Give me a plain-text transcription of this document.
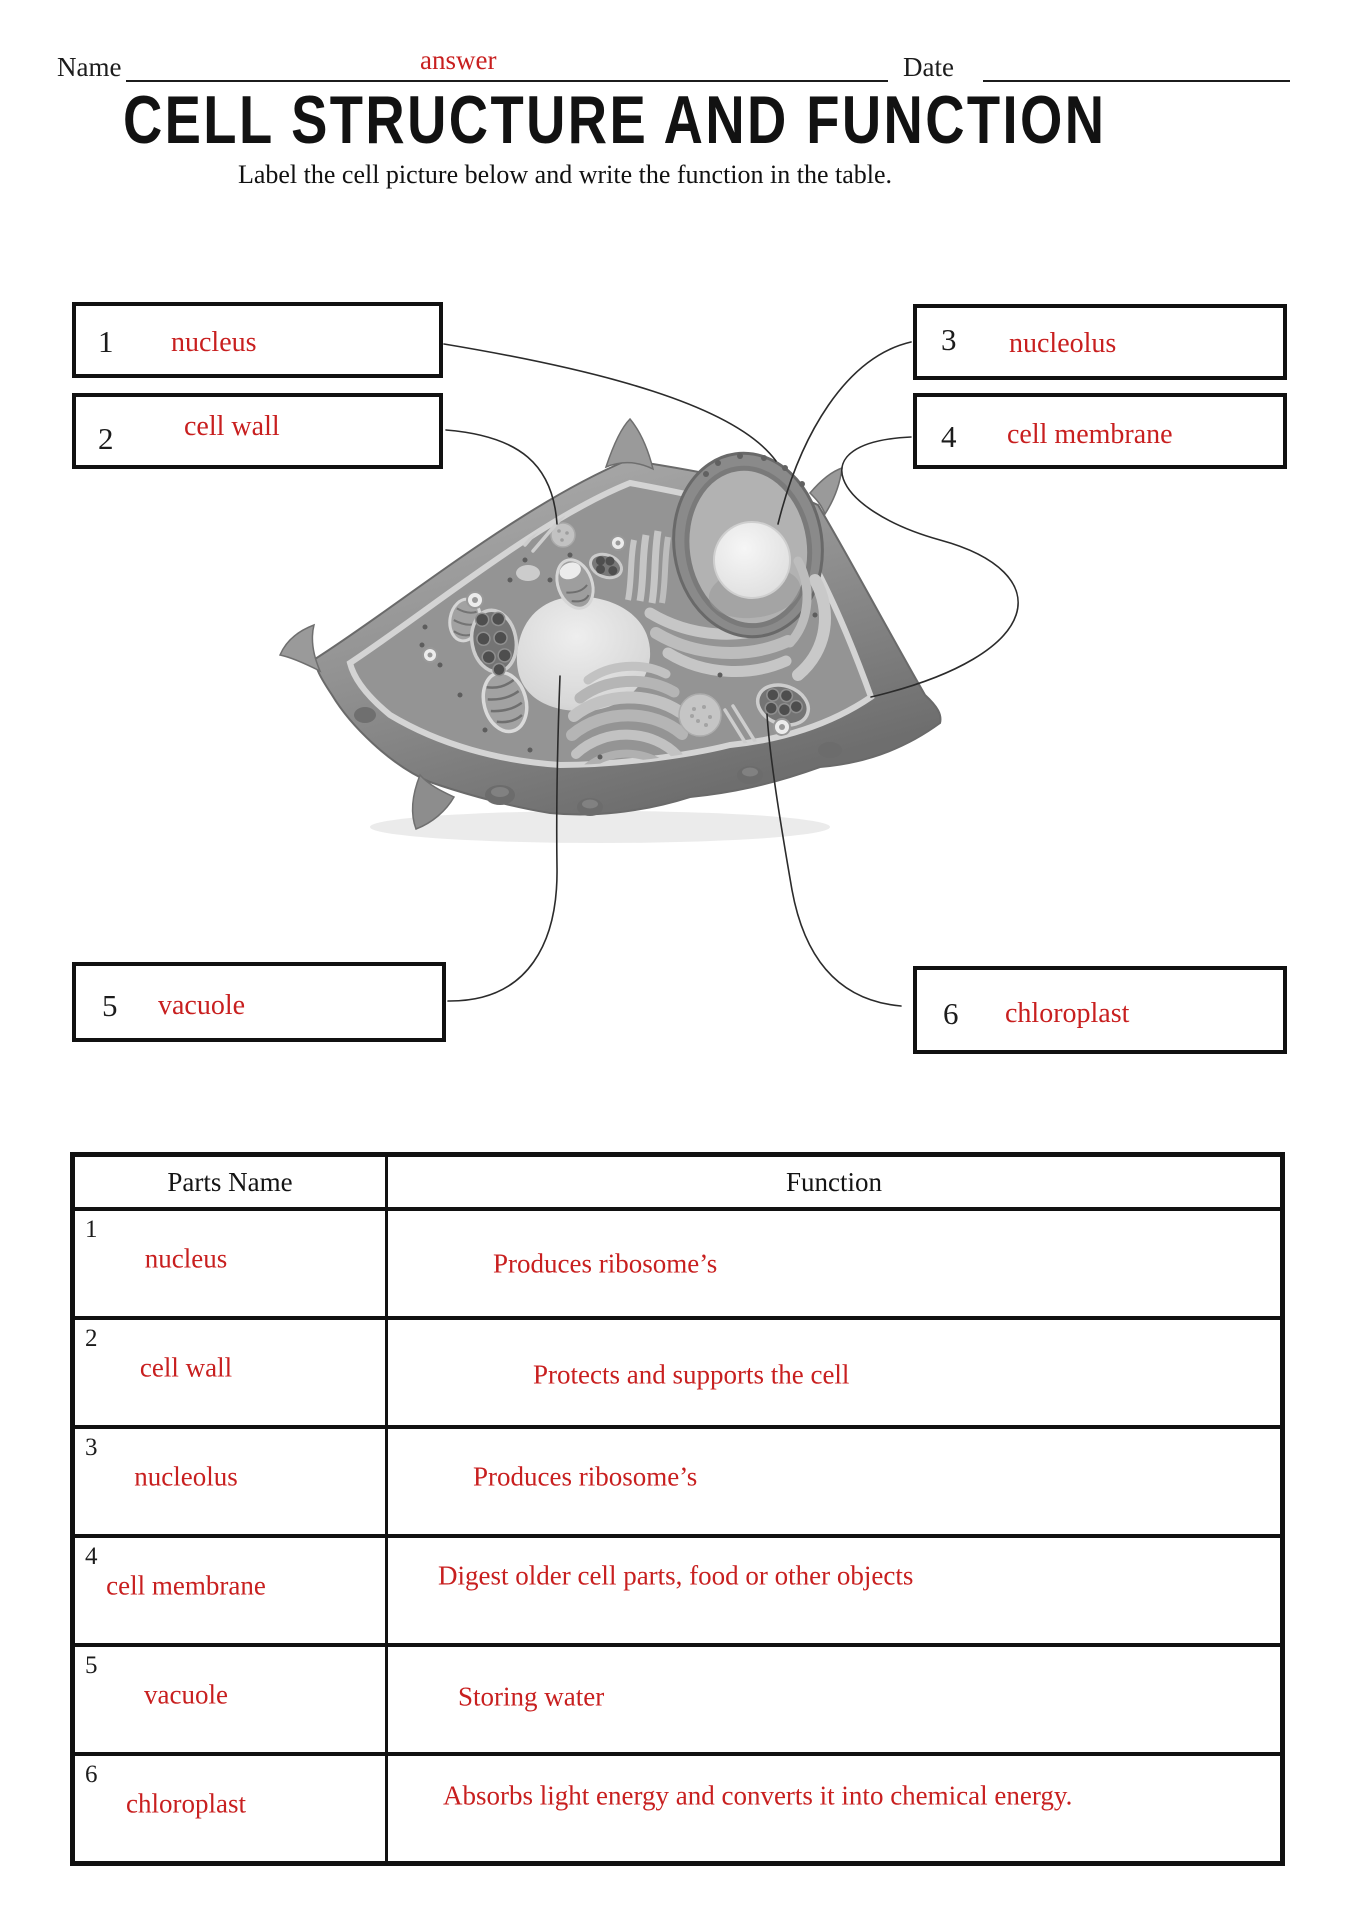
Name	answer	Date
CELL STRUCTURE AND FUNCTION
Label the cell picture below and write the function in the table.
1 nucleus
2	cell wall
3 nucleolus
4 cell membrane
5 vacuole	6 chloroplast
Parts Name	Function
1
nucleus	Produces ribosome’s
2
cell wall	Protects and supports the cell
3
nucleolus	Produces ribosome’s
4
cell membrane	Digest older cell parts, food or other objects
5
vacuole	Storing water
6
chloroplast	Absorbs light energy and converts it into chemical energy.
